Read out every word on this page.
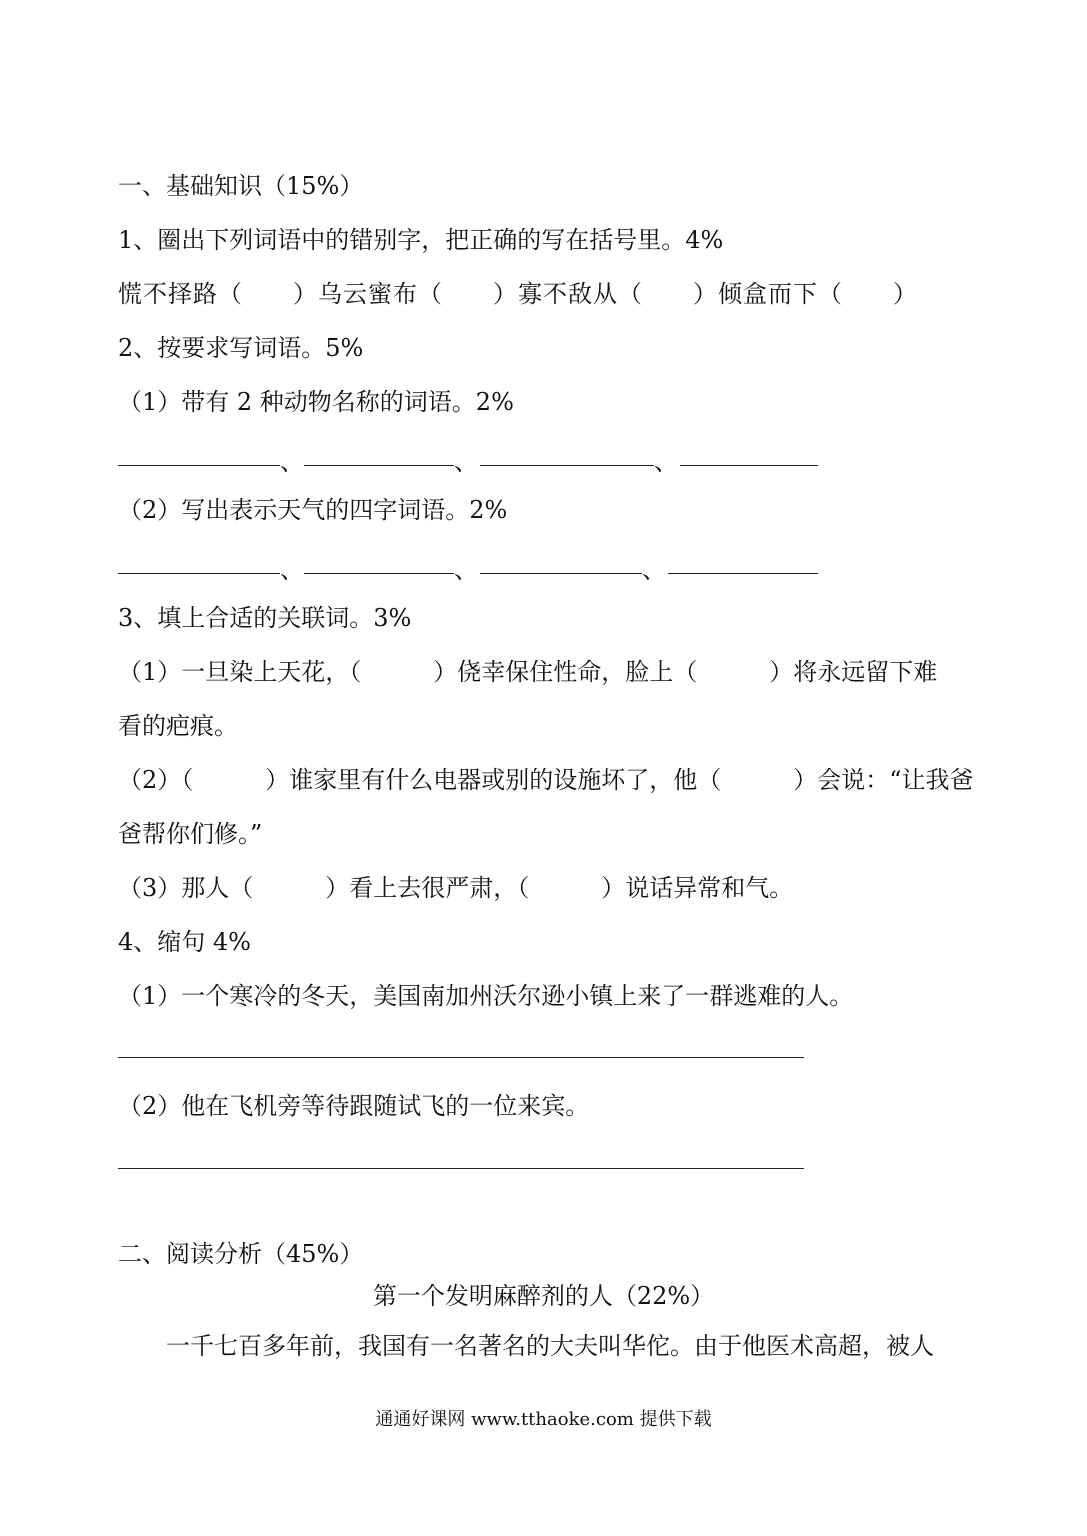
一、基础知识（15%）
1、圈出下列词语中的错别字，把正确的写在括号里。4%
慌不择路（　　）乌云蜜布（　　）寡不敌从（　　）倾盒而下（　　）
2、按要求写词语。5%
（1）带有 2 种动物名称的词语。2%
、	、	、
（2）写出表示天气的四字词语。2%
、	、	、
3、填上合适的关联词。3%
（1）一旦染上天花，（　　　）侥幸保住性命，脸上（　　　）将永远留下难
看的疤痕。
（2）（　　　）谁家里有什么电器或别的设施坏了，他（　　　）会说：“让我爸
爸帮你们修。”
（3）那人（　　　）看上去很严肃，（　　　）说话异常和气。
4、缩句 4%
（1）一个寒冷的冬天，美国南加州沃尔逊小镇上来了一群逃难的人。
（2）他在飞机旁等待跟随试飞的一位来宾。
二、阅读分析（45%）
第一个发明麻醉剂的人（22%）
一千七百多年前，我国有一名著名的大夫叫华佗。由于他医术高超，被人
通通好课网 www.tthaoke.com 提供下载
